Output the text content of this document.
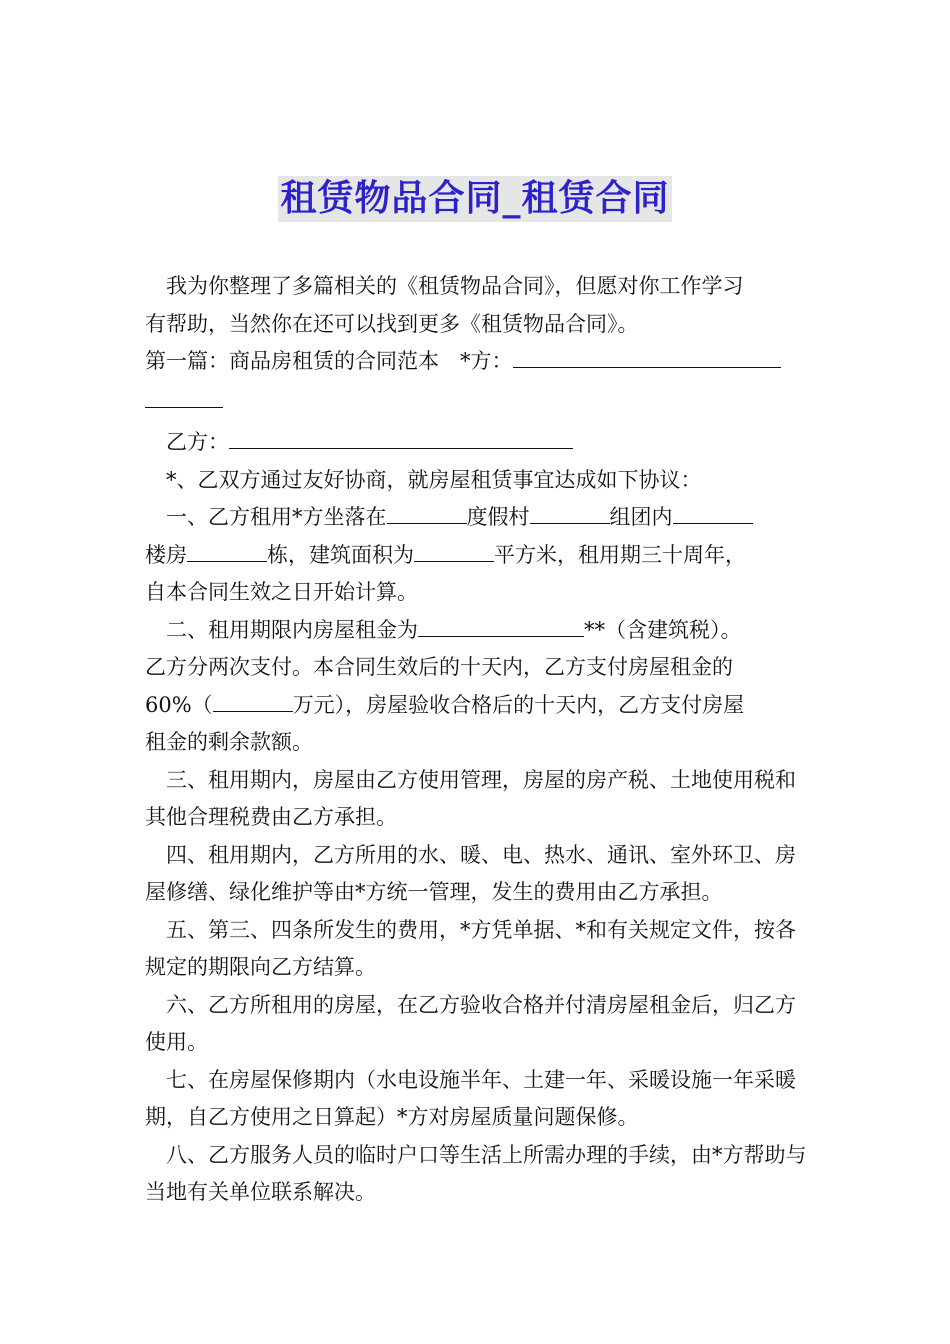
租赁物品合同_租赁合同

我为你整理了多篇相关的《租赁物品合同》，但愿对你工作学习

有帮助，当然你在还可以找到更多《租赁物品合同》。

第一篇：商品房租赁的合同范本　*方：

乙方：

*、乙双方通过友好协商，就房屋租赁事宜达成如下协议：

一、乙方租用*方坐落在	度假村	组团内

楼房	栋，建筑面积为	平方米，租用期三十周年，

自本合同生效之日开始计算。

二、租用期限内房屋租金为	**（含建筑税）。

乙方分两次支付。本合同生效后的十天内，乙方支付房屋租金的

60%（	万元），房屋验收合格后的十天内，乙方支付房屋

租金的剩余款额。

三、租用期内，房屋由乙方使用管理，房屋的房产税、土地使用税和其他合理税费由乙方承担。

四、租用期内，乙方所用的水、暖、电、热水、通讯、室外环卫、房屋修缮、绿化维护等由*方统一管理，发生的费用由乙方承担。

五、第三、四条所发生的费用，*方凭单据、*和有关规定文件，按各规定的期限向乙方结算。

六、乙方所租用的房屋，在乙方验收合格并付清房屋租金后，归乙方使用。

七、在房屋保修期内（水电设施半年、土建一年、采暖设施一年采暖期，自乙方使用之日算起）*方对房屋质量问题保修。

八、乙方服务人员的临时户口等生活上所需办理的手续，由*方帮助与当地有关单位联系解决。
